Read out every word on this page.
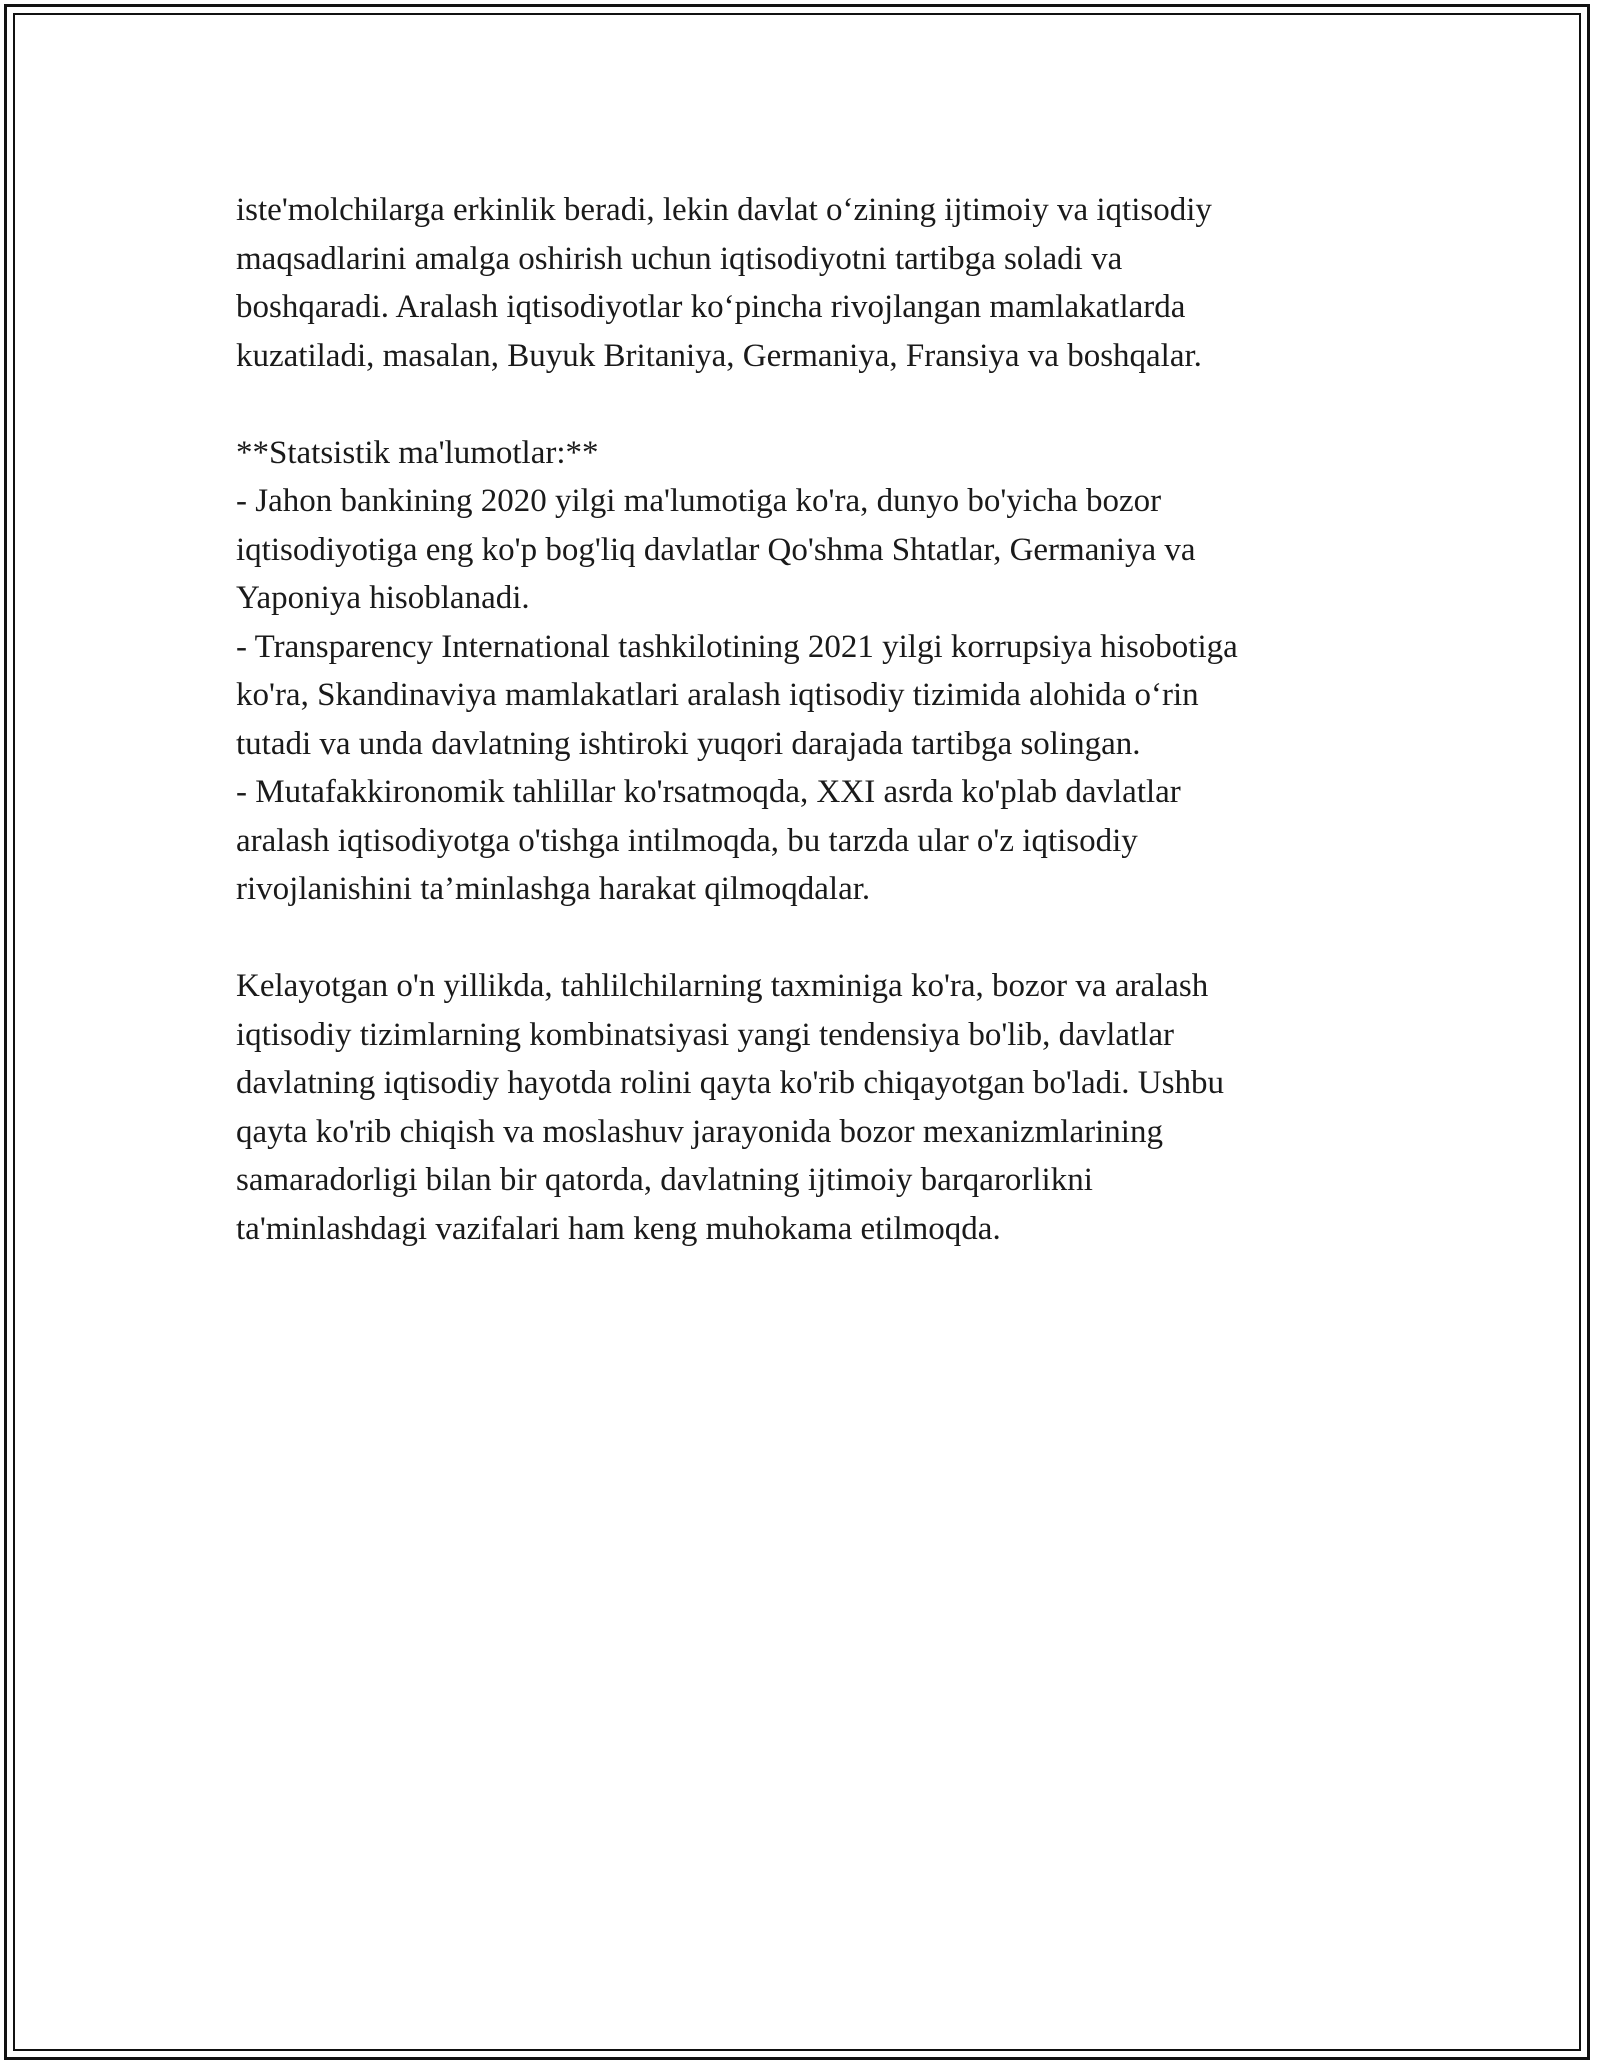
iste'molchilarga erkinlik beradi, lekin davlat o‘zining ijtimoiy va iqtisodiy
maqsadlarini amalga oshirish uchun iqtisodiyotni tartibga soladi va
boshqaradi. Aralash iqtisodiyotlar ko‘pincha rivojlangan mamlakatlarda
kuzatiladi, masalan, Buyuk Britaniya, Germaniya, Fransiya va boshqalar.
**Statsistik ma'lumotlar:**
- Jahon bankining 2020 yilgi ma'lumotiga ko'ra, dunyo bo'yicha bozor
iqtisodiyotiga eng ko'p bog'liq davlatlar Qo'shma Shtatlar, Germaniya va
Yaponiya hisoblanadi.
- Transparency International tashkilotining 2021 yilgi korrupsiya hisobotiga
ko'ra, Skandinaviya mamlakatlari aralash iqtisodiy tizimida alohida o‘rin
tutadi va unda davlatning ishtiroki yuqori darajada tartibga solingan.
- Mutafakkironomik tahlillar ko'rsatmoqda, XXI asrda ko'plab davlatlar
aralash iqtisodiyotga o'tishga intilmoqda, bu tarzda ular o'z iqtisodiy
rivojlanishini ta’minlashga harakat qilmoqdalar.
Kelayotgan o'n yillikda, tahlilchilarning taxminiga ko'ra, bozor va aralash
iqtisodiy tizimlarning kombinatsiyasi yangi tendensiya bo'lib, davlatlar
davlatning iqtisodiy hayotda rolini qayta ko'rib chiqayotgan bo'ladi. Ushbu
qayta ko'rib chiqish va moslashuv jarayonida bozor mexanizmlarining
samaradorligi bilan bir qatorda, davlatning ijtimoiy barqarorlikni
ta'minlashdagi vazifalari ham keng muhokama etilmoqda.
